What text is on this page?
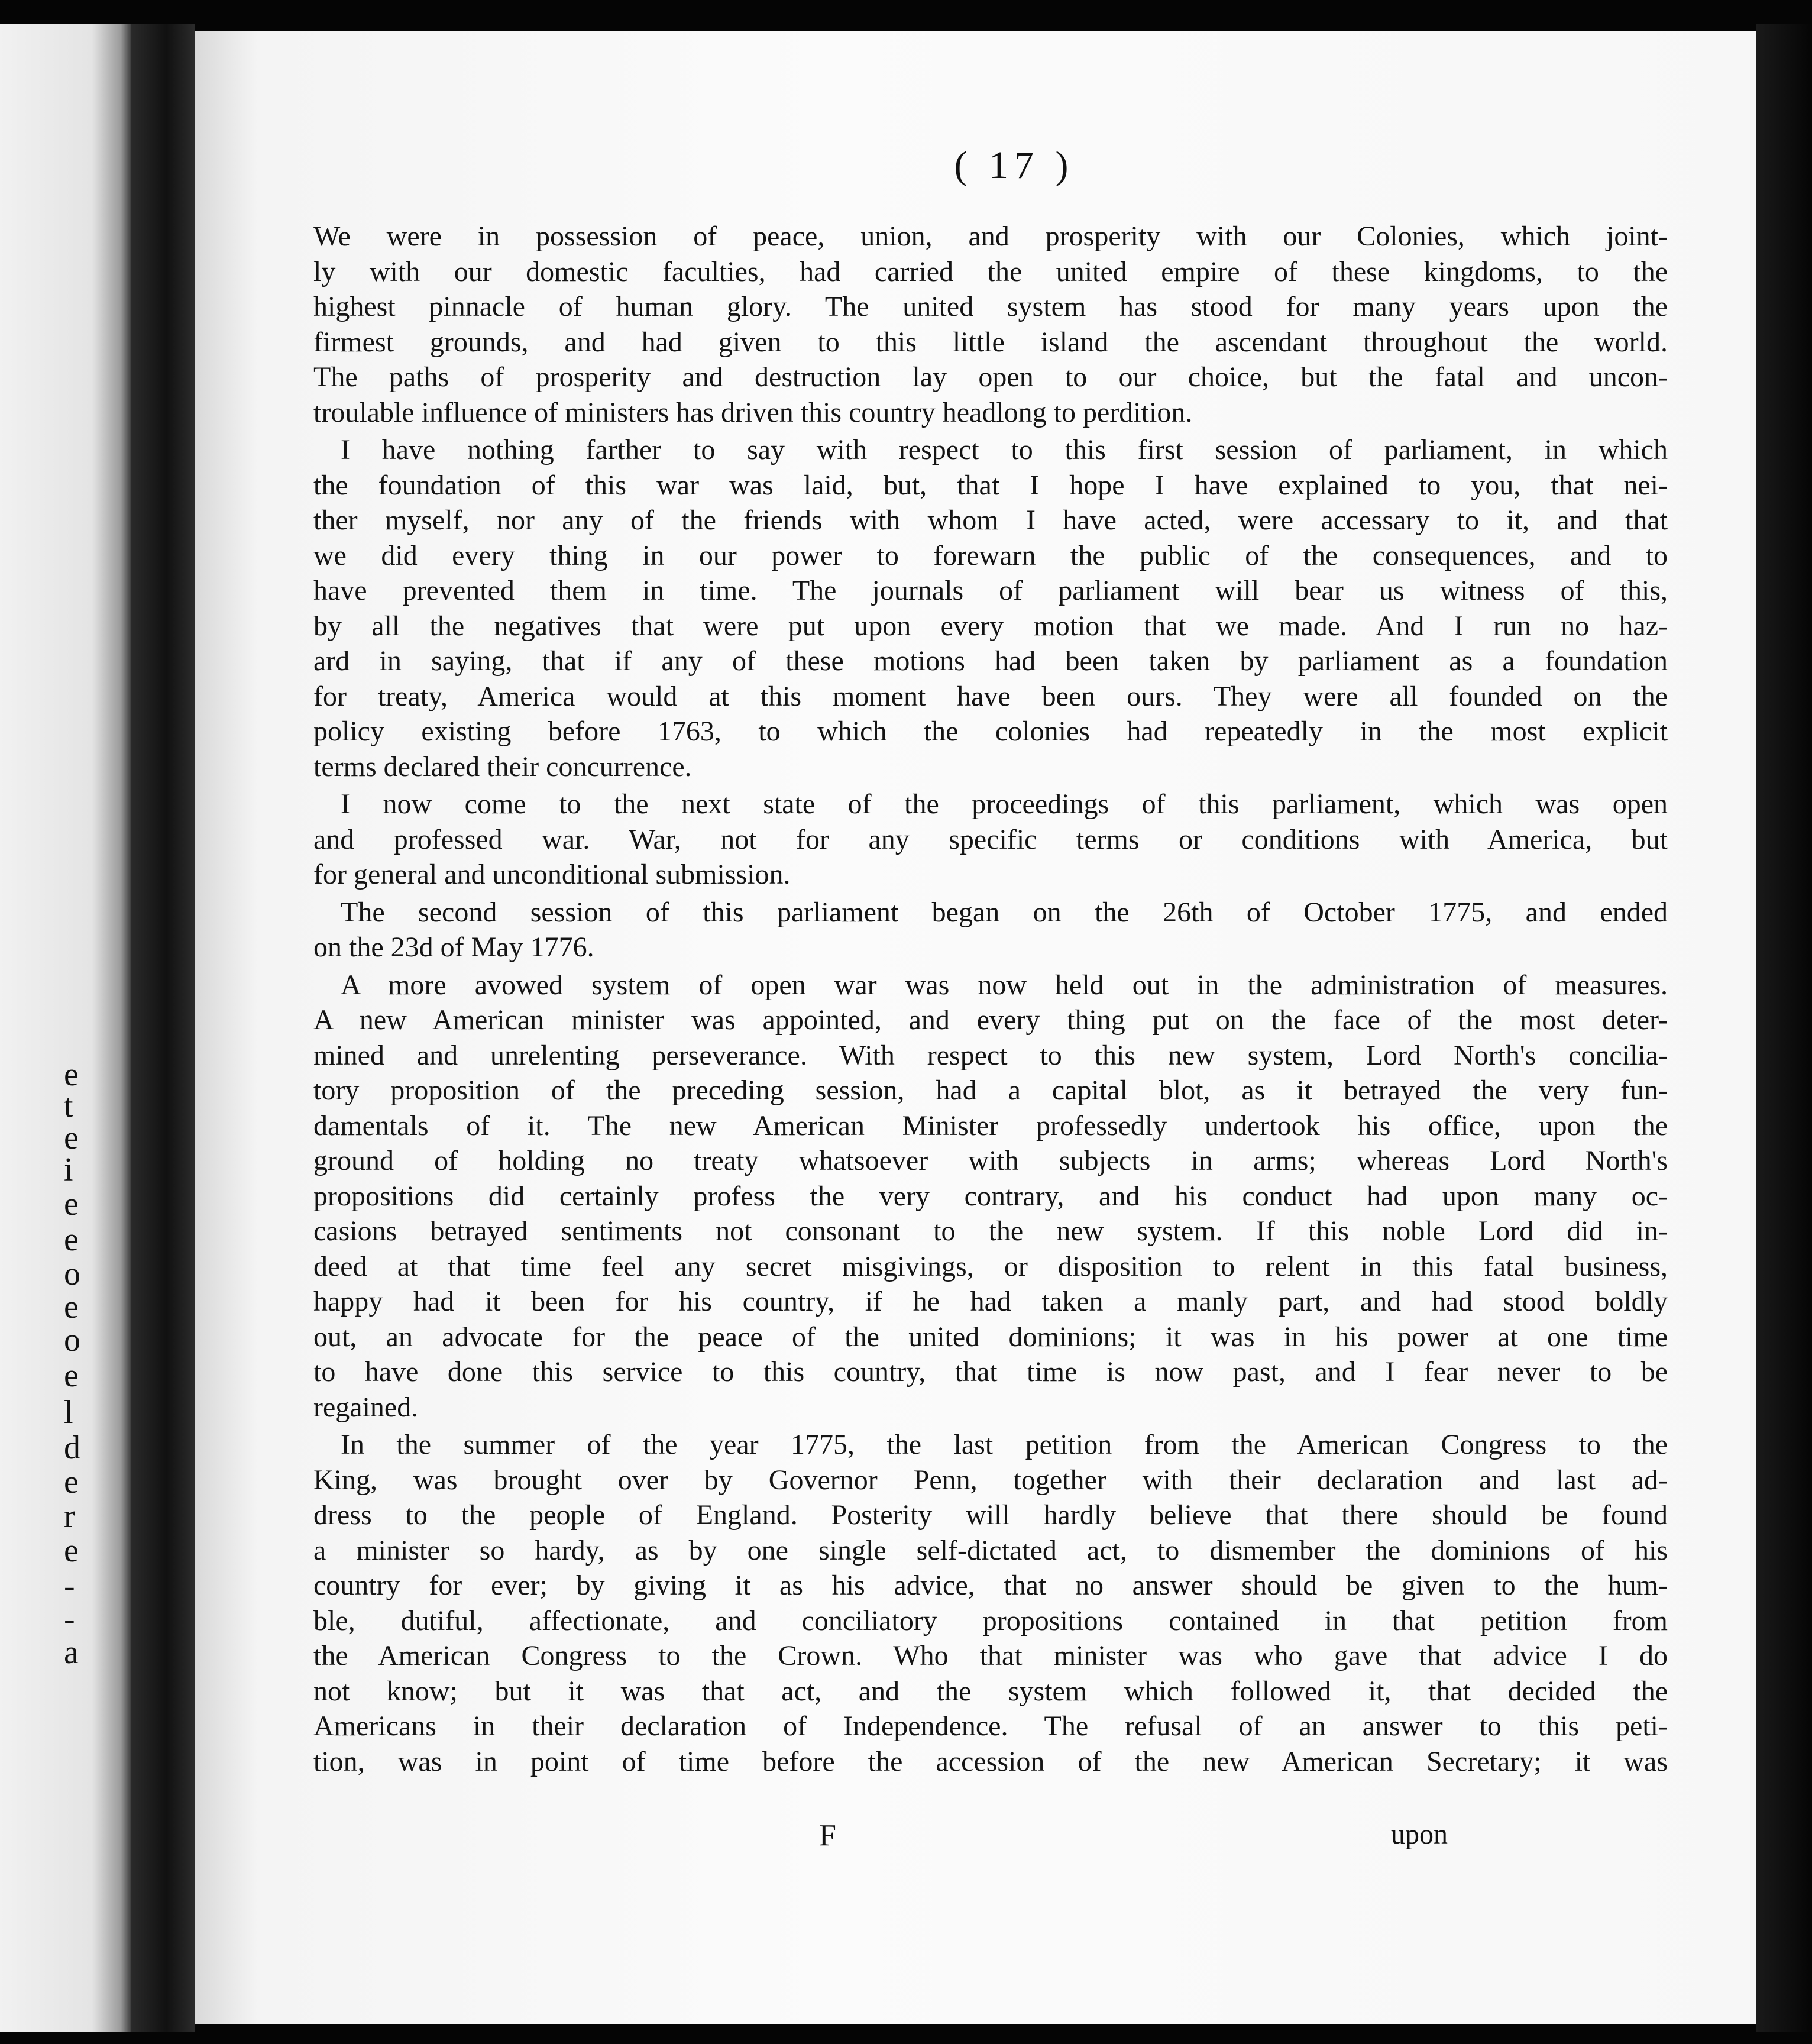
e
t
e
i
e
e
o
e
o
e
l
d
e
r
e
-
-
a
( 17 )
We were in possession of peace, union, and prosperity with our Colonies, which joint-
ly with our domestic faculties, had carried the united empire of these kingdoms, to the
highest pinnacle of human glory. The united system has stood for many years upon the
firmest grounds, and had given to this little island the ascendant throughout the world.
The paths of prosperity and destruction lay open to our choice, but the fatal and uncon-
troulable influence of ministers has driven this country headlong to perdition.
I have nothing farther to say with respect to this first session of parliament, in which
the foundation of this war was laid, but, that I hope I have explained to you, that nei-
ther myself, nor any of the friends with whom I have acted, were accessary to it, and that
we did every thing in our power to forewarn the public of the consequences, and to
have prevented them in time. The journals of parliament will bear us witness of this,
by all the negatives that were put upon every motion that we made. And I run no haz-
ard in saying, that if any of these motions had been taken by parliament as a foundation
for treaty, America would at this moment have been ours. They were all founded on the
policy existing before 1763, to which the colonies had repeatedly in the most explicit
terms declared their concurrence.
I now come to the next state of the proceedings of this parliament, which was open
and professed war. War, not for any specific terms or conditions with America, but
for general and unconditional submission.
The second session of this parliament began on the 26th of October 1775, and ended
on the 23d of May 1776.
A more avowed system of open war was now held out in the administration of measures.
A new American minister was appointed, and every thing put on the face of the most deter-
mined and unrelenting perseverance. With respect to this new system, Lord North's concilia-
tory proposition of the preceding session, had a capital blot, as it betrayed the very fun-
damentals of it. The new American Minister professedly undertook his office, upon the
ground of holding no treaty whatsoever with subjects in arms; whereas Lord North's
propositions did certainly profess the very contrary, and his conduct had upon many oc-
casions betrayed sentiments not consonant to the new system. If this noble Lord did in-
deed at that time feel any secret misgivings, or disposition to relent in this fatal business,
happy had it been for his country, if he had taken a manly part, and had stood boldly
out, an advocate for the peace of the united dominions; it was in his power at one time
to have done this service to this country, that time is now past, and I fear never to be
regained.
In the summer of the year 1775, the last petition from the American Congress to the
King, was brought over by Governor Penn, together with their declaration and last ad-
dress to the people of England. Posterity will hardly believe that there should be found
a minister so hardy, as by one single self-dictated act, to dismember the dominions of his
country for ever; by giving it as his advice, that no answer should be given to the hum-
ble, dutiful, affectionate, and conciliatory propositions contained in that petition from
the American Congress to the Crown. Who that minister was who gave that advice I do
not know; but it was that act, and the system which followed it, that decided the
Americans in their declaration of Independence. The refusal of an answer to this peti-
tion, was in point of time before the accession of the new American Secretary; it was
F	upon
